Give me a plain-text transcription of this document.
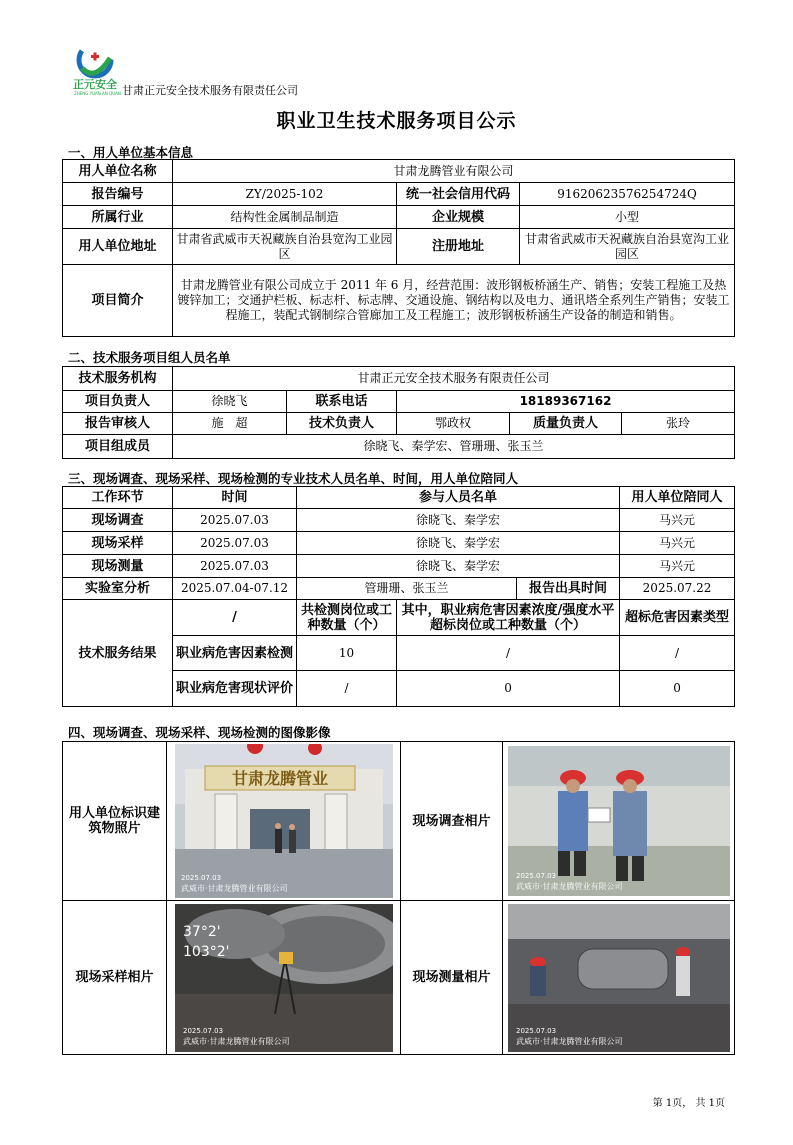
正元安全
ZHENG YUAN AN QUAN 甘肃正元安全技术服务有限责任公司
职业卫生技术服务项目公示
一、用人单位基本信息
用人单位名称	甘肃龙腾管业有限公司		
报告编号	ZY/2025-102	统一社会信用代码	91620623576254724Q
所属行业	结构性金属制品制造	企业规模	小型
用人单位地址	甘肃省武威市天祝藏族自治县宽沟工业园区	注册地址	甘肃省武威市天祝藏族自治县宽沟工业园区
项目简介	甘肃龙腾管业有限公司成立于 2011 年 6 月，经营范围：波形钢板桥涵生产、销售；安装工程施工及热镀锌加工；交通护栏板、标志杆、标志牌、交通设施、钢结构以及电力、通讯塔全系列生产销售；安装工程施工，装配式钢制综合管廊加工及工程施工；波形钢板桥涵生产设备的制造和销售。		
二、技术服务项目组人员名单
技术服务机构	甘肃正元安全技术服务有限责任公司				
项目负责人	徐晓飞	联系电话	18189367162		
报告审核人	施　超	技术负责人	鄂政权	质量负责人	张玲
项目组成员	徐晓飞、秦学宏、管珊珊、张玉兰				
三、现场调查、现场采样、现场检测的专业技术人员名单、时间，用人单位陪同人
工作环节	时间	参与人员名单			用人单位陪同人
现场调查	2025.07.03	徐晓飞、秦学宏			马兴元
现场采样	2025.07.03	徐晓飞、秦学宏			马兴元
现场测量	2025.07.03	徐晓飞、秦学宏			马兴元
实验室分析	2025.07.04-07.12	管珊珊、张玉兰		报告出具时间	2025.07.22
技术服务结果	/	共检测岗位或工种数量（个）	其中，职业病危害因素浓度/强度水平超标岗位或工种数量（个）		超标危害因素类型
	职业病危害因素检测	10	/		/
	职业病危害现状评价	/	0		0
四、现场调查、现场采样、现场检测的图像影像
用人单位标识建筑物照片	甘肃龙腾管业
2025.07.03
武威市·甘肃龙腾管业有限公司	现场调查相片	2025.07.03
武威市·甘肃龙腾管业有限公司

现场采样相片	37°2'
103°2'
2025.07.03
武威市·甘肃龙腾管业有限公司	现场测量相片	2025.07.03
武威市·甘肃龙腾管业有限公司
第 1页， 共 1页
